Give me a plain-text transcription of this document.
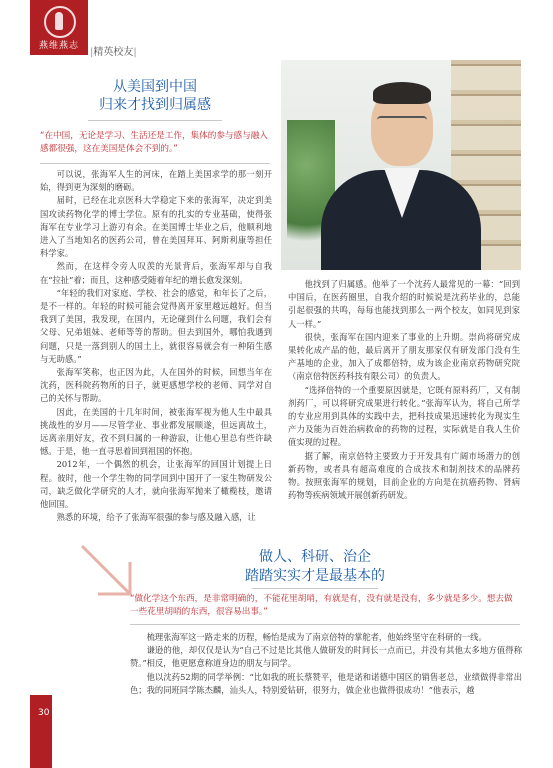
燕维燕志
|精英校友|
从美国到中国
归来才找到归属感
“在中国，无论是学习、生活还是工作，集体的参与感与融入感都很强，这在美国是体会不到的。”

可以说，张海军人生的河床，在踏上美国求学的那一刻开始，得到更为深刻的磨砺。

届时，已经在北京医科大学稳定下来的张海军，决定到美国攻读药物化学的博士学位。原有的扎实的专业基础，使得张海军在专业学习上游刃有余。在美国博士毕业之后，他顺利地进入了当地知名的医药公司，曾在美国拜耳、阿斯利康等担任科学家。

然而，在这样令旁人叹羡的光景背后，张海军却与自我在“拉扯”着；而且，这种感受随着年纪的增长愈发深刻。

“年轻的我们对家庭、学校、社会的感觉，和年长了之后，是不一样的。年轻的时候可能会觉得离开家里越远越好。但当我到了美国，我发现，在国内，无论碰到什么问题，我们会有父母、兄弟姐妹、老师等等的帮助。但去到国外，哪怕我遇到问题，只是一落到别人的国土上，就很容易就会有一种陌生感与无助感。”

张海军笑称，也正因为此，人在国外的时候，回想当年在沈药，医科院药物所的日子，就更感想学校的老师、同学对自己的关怀与帮助。

因此，在美国的十几年时间，被张海军视为他人生中最具挑战性的岁月——尽管学业、事业都发展顺遂，但远离故土，远离亲朋好友，孜不到归属的一种游寂，让他心里总有些许缺憾。于是，他一直寻思着回到祖国的怀抱。

2012年，一个偶然的机会，让张海军的回国计划提上日程。彼时，他一个学生物的同学回到中国开了一家生物研发公司，缺乏做化学研究的人才，就向张海军抛来了橄榄枝，邀请他回国。

熟悉的环境，给予了张海军很强的参与感及融入感，让

他找到了归属感。他举了一个沈药人最常见的一幕：“回到中国后，在医药圈里，自我介绍的时候说是沈药毕业的，总能引起很强的共鸣，每每也能找到那么一两个校友，如同见到家人一样。”

很快，张海军在国内迎来了事业的上升期。崇尚将研究成果转化成产品的他，最后离开了朋友那家仅有研发部门没有生产基地的企业，加入了成都倍特，成为该企业南京药物研究院（南京倍特医药科技有限公司）的负责人。

“选择倍特的一个重要原因就是，它既有原料药厂，又有制剂药厂，可以将研究成果进行转化。”张海军认为，将自己所学的专业应用到具体的实践中去，把科技成果迅速转化为现实生产力及能为百姓治病救命的药物的过程，实际就是自我人生价值实现的过程。

据了解，南京倍特主要致力于开发具有广阔市场潜力的创新药物，或者具有超高难度的合成技术和制剂技术的品牌药物。按照张海军的规划，目前企业的方向是在抗癌药物、肾病药物等疾病领域开展创新药研发。

做人、科研、治企
踏踏实实才是最基本的
“做化学这个东西，是非常明确的，不能花里胡哨，有就是有，没有就是没有，多少就是多少。想去做一些花里胡哨的东西，很容易出事。”

梳理张海军这一路走来的历程，畅怡是成为了南京倍特的掌舵者，他始终坚守在科研的一线。

谦逊的他，却仅仅是认为“自己不过是比其他人做研发的时间长一点而已，并没有其他太多地方值得称赞。”相反，他更愿意称道身边的朋友与同学。

他以沈药52期的同学举例：“比如我的班长蔡赞平，他是诺和诺德中国区的销售老总，业绩做得非常出色；我的同班同学陈杰麟，汕头人，特别爱钻研，很努力，做企业也做得很成功！”他表示，越

30
